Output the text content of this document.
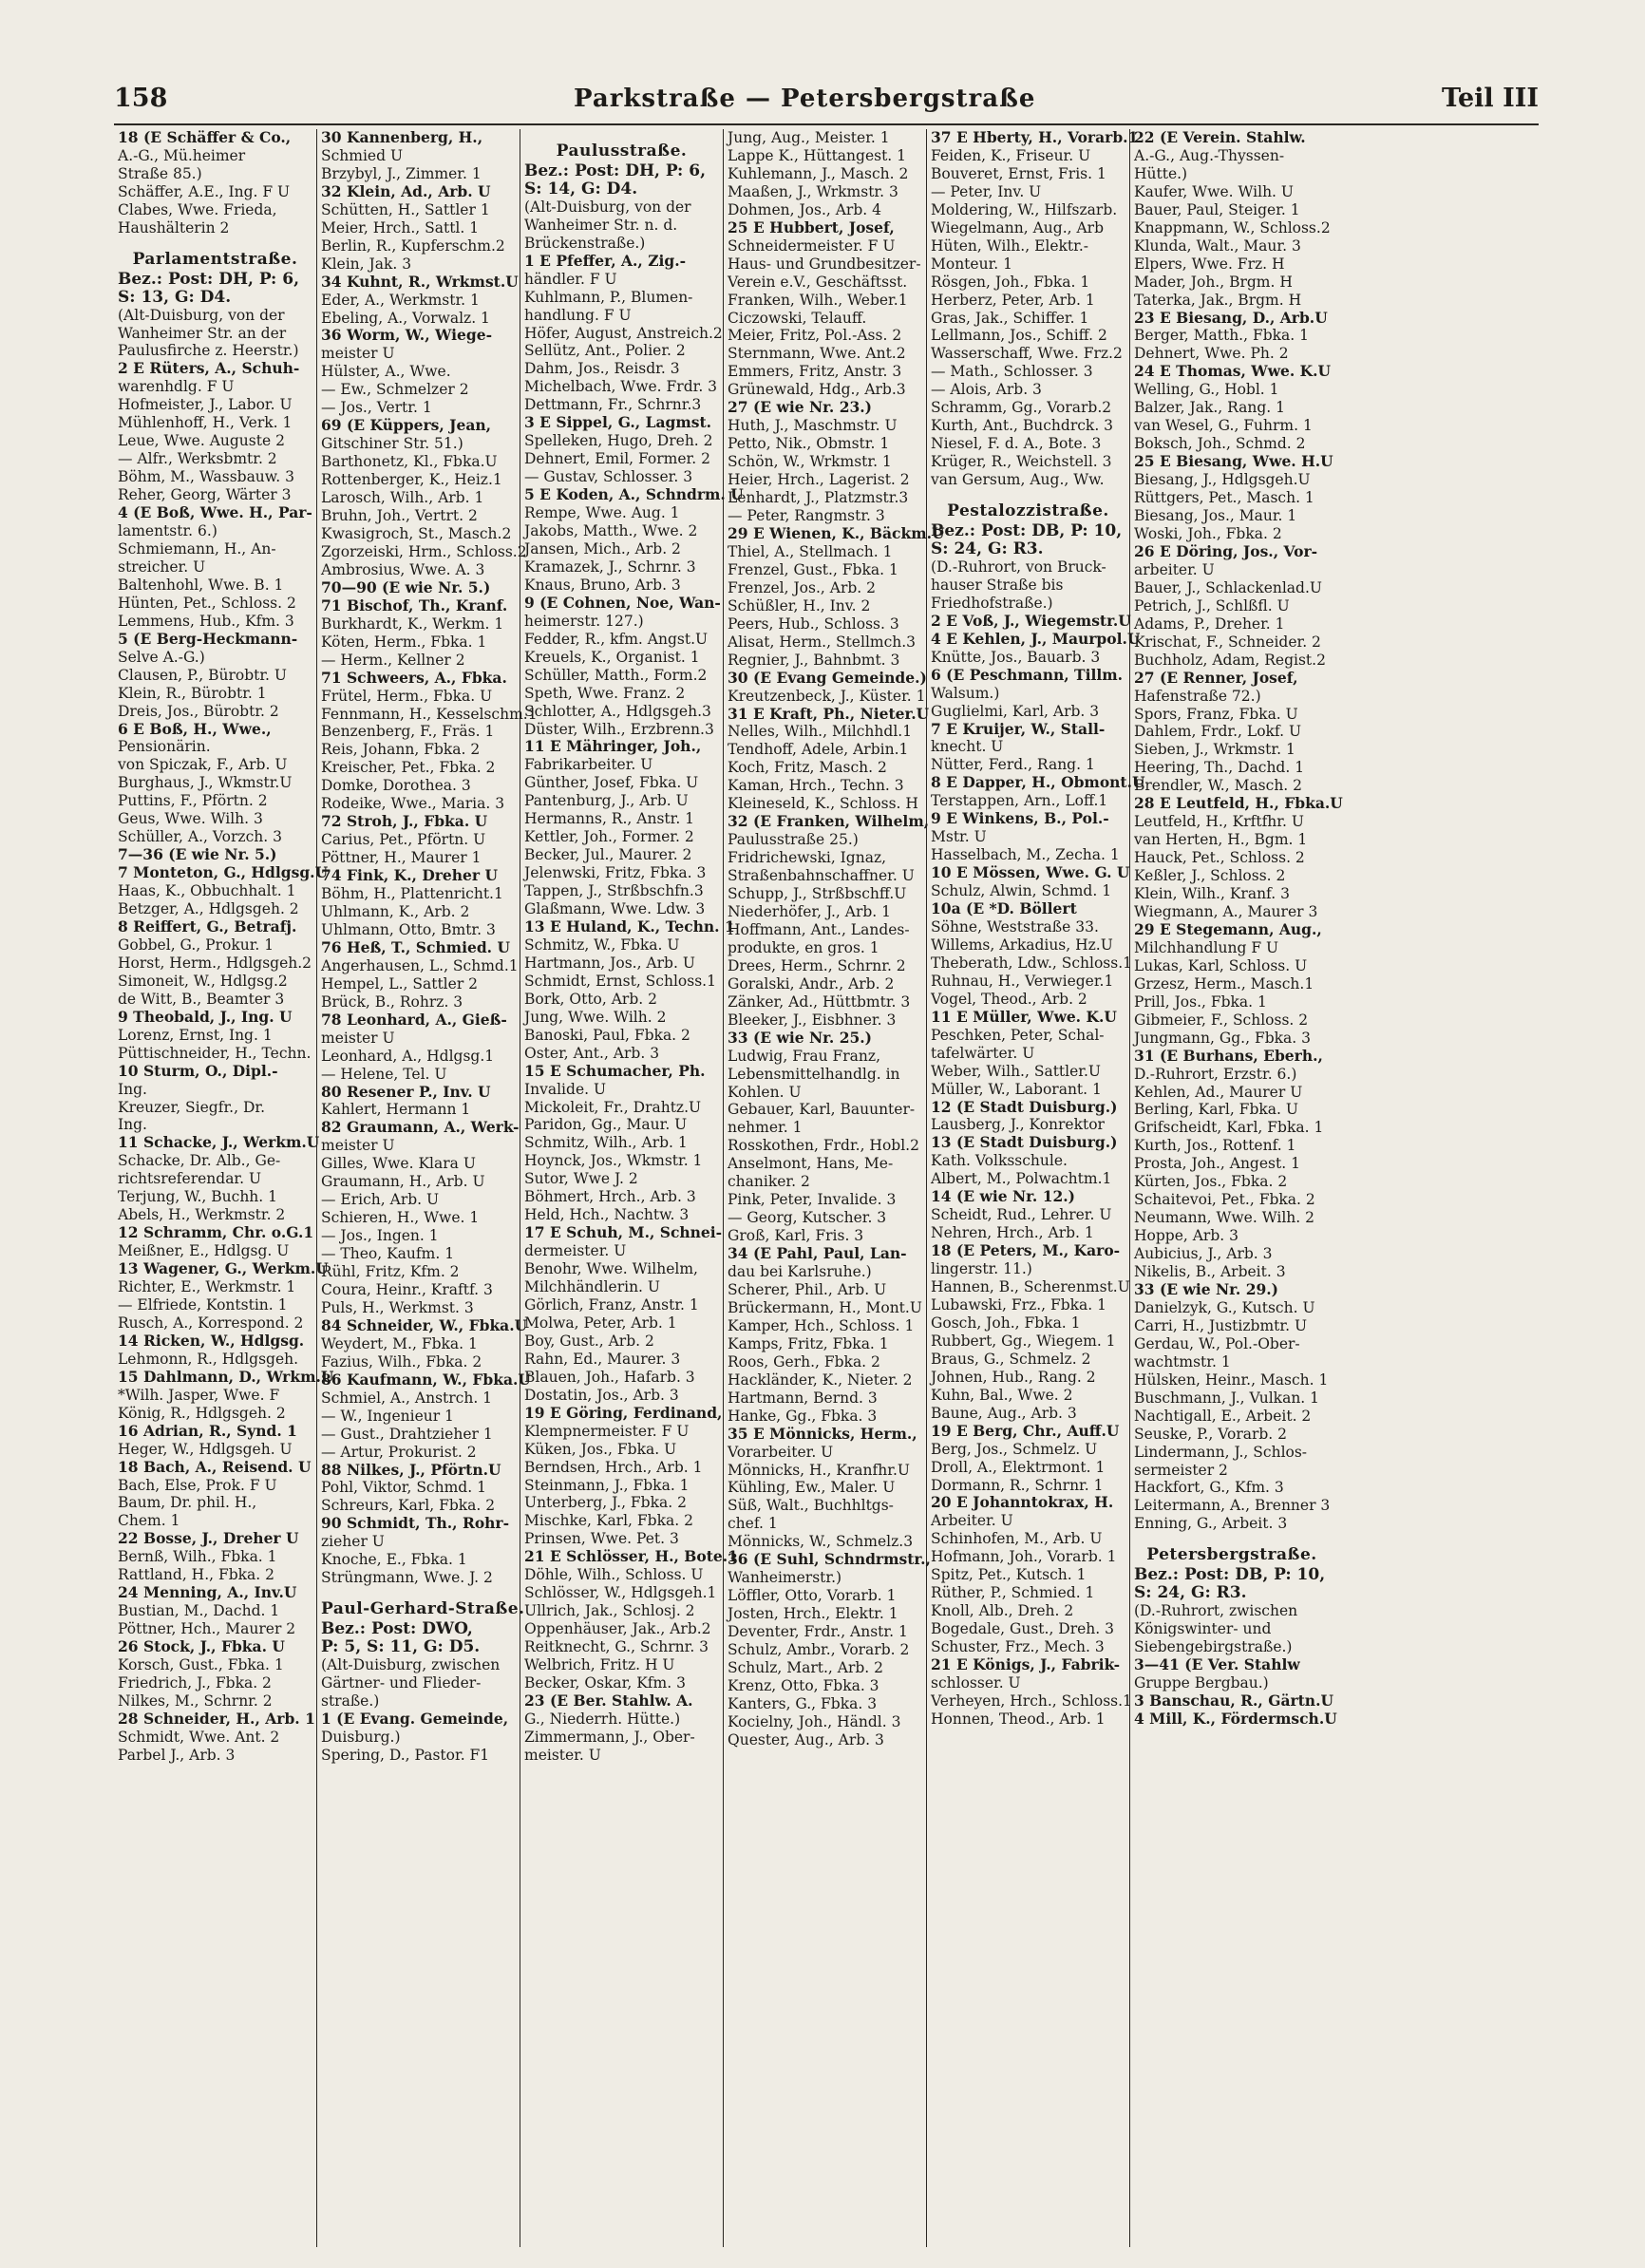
158	Parkstraße — Petersbergstraße	Teil III
18 (E Schäffer & Co.,
A.-G., Mü.heimer
Straße 85.)
Schäffer, A.E., Ing. F U
Clabes, Wwe. Frieda,
Haushälterin 2
Parlamentstraße.
Bez.: Post: DH, P: 6,
S: 13, G: D4.
(Alt-Duisburg, von der
Wanheimer Str. an der
Paulusfirche z. Heerstr.)
2 E Rüters, A., Schuh-
warenhdlg. F U
Hofmeister, J., Labor. U
Mühlenhoff, H., Verk. 1
Leue, Wwe. Auguste 2
— Alfr., Werksbmtr. 2
Böhm, M., Wassbauw. 3
Reher, Georg, Wärter 3
4 (E Boß, Wwe. H., Par-
lamentstr. 6.)
Schmiemann, H., An-
streicher. U
Baltenhohl, Wwe. B. 1
Hünten, Pet., Schloss. 2
Lemmens, Hub., Kfm. 3
5 (E Berg-Heckmann-
Selve A.-G.)
Clausen, P., Bürobtr. U
Klein, R., Bürobtr. 1
Dreis, Jos., Bürobtr. 2
6 E Boß, H., Wwe.,
Pensionärin.
von Spiczak, F., Arb. U
Burghaus, J., Wkmstr.U
Puttins, F., Pförtn. 2
Geus, Wwe. Wilh. 3
Schüller, A., Vorzch. 3
7—36 (E wie Nr. 5.)
7 Monteton, G., Hdlgsg.U
Haas, K., Obbuchhalt. 1
Betzger, A., Hdlgsgeh. 2
8 Reiffert, G., Betrafj.
Gobbel, G., Prokur. 1
Horst, Herm., Hdlgsgeh.2
Simoneit, W., Hdlgsg.2
de Witt, B., Beamter 3
9 Theobald, J., Ing. U
Lorenz, Ernst, Ing. 1
Püttischneider, H., Techn.
10 Sturm, O., Dipl.-
Ing.
Kreuzer, Siegfr., Dr.
Ing.
11 Schacke, J., Werkm.U
Schacke, Dr. Alb., Ge-
richtsreferendar. U
Terjung, W., Buchh. 1
Abels, H., Werkmstr. 2
12 Schramm, Chr. o.G.1
Meißner, E., Hdlgsg. U
13 Wagener, G., Werkm.U
Richter, E., Werkmstr. 1
— Elfriede, Kontstin. 1
Rusch, A., Korrespond. 2
14 Ricken, W., Hdlgsg.
Lehmonn, R., Hdlgsgeh.
15 Dahlmann, D., Wrkm.U
*Wilh. Jasper, Wwe. F
König, R., Hdlgsgeh. 2
16 Adrian, R., Synd. 1
Heger, W., Hdlgsgeh. U
18 Bach, A., Reisend. U
Bach, Else, Prok. F U
Baum, Dr. phil. H.,
Chem. 1
22 Bosse, J., Dreher U
Bernß, Wilh., Fbka. 1
Rattland, H., Fbka. 2
24 Menning, A., Inv.U
Bustian, M., Dachd. 1
Pöttner, Hch., Maurer 2
26 Stock, J., Fbka. U
Korsch, Gust., Fbka. 1
Friedrich, J., Fbka. 2
Nilkes, M., Schrnr. 2
28 Schneider, H., Arb. 1
Schmidt, Wwe. Ant. 2
Parbel J., Arb. 3
30 Kannenberg, H.,
Schmied U
Brzybyl, J., Zimmer. 1
32 Klein, Ad., Arb. U
Schütten, H., Sattler 1
Meier, Hrch., Sattl. 1
Berlin, R., Kupferschm.2
Klein, Jak. 3
34 Kuhnt, R., Wrkmst.U
Eder, A., Werkmstr. 1
Ebeling, A., Vorwalz. 1
36 Worm, W., Wiege-
meister U
Hülster, A., Wwe.
— Ew., Schmelzer 2
— Jos., Vertr. 1
69 (E Küppers, Jean,
Gitschiner Str. 51.)
Barthonetz, Kl., Fbka.U
Rottenberger, K., Heiz.1
Larosch, Wilh., Arb. 1
Bruhn, Joh., Vertrt. 2
Kwasigroch, St., Masch.2
Zgorzeiski, Hrm., Schloss.2
Ambrosius, Wwe. A. 3
70—90 (E wie Nr. 5.)
71 Bischof, Th., Kranf.
Burkhardt, K., Werkm. 1
Köten, Herm., Fbka. 1
— Herm., Kellner 2
71 Schweers, A., Fbka.
Frütel, Herm., Fbka. U
Fennmann, H., Kesselschm.1
Benzenberg, F., Fräs. 1
Reis, Johann, Fbka. 2
Kreischer, Pet., Fbka. 2
Domke, Dorothea. 3
Rodeike, Wwe., Maria. 3
72 Stroh, J., Fbka. U
Carius, Pet., Pförtn. U
Pöttner, H., Maurer 1
74 Fink, K., Dreher U
Böhm, H., Plattenricht.1
Uhlmann, K., Arb. 2
Uhlmann, Otto, Bmtr. 3
76 Heß, T., Schmied. U
Angerhausen, L., Schmd.1
Hempel, L., Sattler 2
Brück, B., Rohrz. 3
78 Leonhard, A., Gieß-
meister U
Leonhard, A., Hdlgsg.1
— Helene, Tel. U
80 Resener P., Inv. U
Kahlert, Hermann 1
82 Graumann, A., Werk-
meister U
Gilles, Wwe. Klara U
Graumann, H., Arb. U
— Erich, Arb. U
Schieren, H., Wwe. 1
— Jos., Ingen. 1
— Theo, Kaufm. 1
Rühl, Fritz, Kfm. 2
Coura, Heinr., Kraftf. 3
Puls, H., Werkmst. 3
84 Schneider, W., Fbka.U
Weydert, M., Fbka. 1
Fazius, Wilh., Fbka. 2
86 Kaufmann, W., Fbka.U
Schmiel, A., Anstrch. 1
— W., Ingenieur 1
— Gust., Drahtzieher 1
— Artur, Prokurist. 2
88 Nilkes, J., Pförtn.U
Pohl, Viktor, Schmd. 1
Schreurs, Karl, Fbka. 2
90 Schmidt, Th., Rohr-
zieher U
Knoche, E., Fbka. 1
Strüngmann, Wwe. J. 2
Paul-Gerhard-Straße.
Bez.: Post: DWO,
P: 5, S: 11, G: D5.
(Alt-Duisburg, zwischen
Gärtner- und Flieder-
straße.)
1 (E Evang. Gemeinde,
Duisburg.)
Spering, D., Pastor. F1
Paulusstraße.
Bez.: Post: DH, P: 6,
S: 14, G: D4.
(Alt-Duisburg, von der
Wanheimer Str. n. d.
Brückenstraße.)
1 E Pfeffer, A., Zig.-
händler. F U
Kuhlmann, P., Blumen-
handlung. F U
Höfer, August, Anstreich.2
Sellütz, Ant., Polier. 2
Dahm, Jos., Reisdr. 3
Michelbach, Wwe. Frdr. 3
Dettmann, Fr., Schrnr.3
3 E Sippel, G., Lagmst.
Spelleken, Hugo, Dreh. 2
Dehnert, Emil, Former. 2
— Gustav, Schlosser. 3
5 E Koden, A., Schndrm. U
Rempe, Wwe. Aug. 1
Jakobs, Matth., Wwe. 2
Jansen, Mich., Arb. 2
Kramazek, J., Schrnr. 3
Knaus, Bruno, Arb. 3
9 (E Cohnen, Noe, Wan-
heimerstr. 127.)
Fedder, R., kfm. Angst.U
Kreuels, K., Organist. 1
Schüller, Matth., Form.2
Speth, Wwe. Franz. 2
Schlotter, A., Hdlgsgeh.3
Düster, Wilh., Erzbrenn.3
11 E Mähringer, Joh.,
Fabrikarbeiter. U
Günther, Josef, Fbka. U
Pantenburg, J., Arb. U
Hermanns, R., Anstr. 1
Kettler, Joh., Former. 2
Becker, Jul., Maurer. 2
Jelenwski, Fritz, Fbka. 3
Tappen, J., Strßbschfn.3
Glaßmann, Wwe. Ldw. 3
13 E Huland, K., Techn. 1
Schmitz, W., Fbka. U
Hartmann, Jos., Arb. U
Schmidt, Ernst, Schloss.1
Bork, Otto, Arb. 2
Jung, Wwe. Wilh. 2
Banoski, Paul, Fbka. 2
Oster, Ant., Arb. 3
15 E Schumacher, Ph.
Invalide. U
Mickoleit, Fr., Drahtz.U
Paridon, Gg., Maur. U
Schmitz, Wilh., Arb. 1
Hoynck, Jos., Wkmstr. 1
Sutor, Wwe J. 2
Böhmert, Hrch., Arb. 3
Held, Hch., Nachtw. 3
17 E Schuh, M., Schnei-
dermeister. U
Benohr, Wwe. Wilhelm,
Milchhändlerin. U
Görlich, Franz, Anstr. 1
Molwa, Peter, Arb. 1
Boy, Gust., Arb. 2
Rahn, Ed., Maurer. 3
Blauen, Joh., Hafarb. 3
Dostatin, Jos., Arb. 3
19 E Göring, Ferdinand,
Klempnermeister. F U
Küken, Jos., Fbka. U
Berndsen, Hrch., Arb. 1
Steinmann, J., Fbka. 1
Unterberg, J., Fbka. 2
Mischke, Karl, Fbka. 2
Prinsen, Wwe. Pet. 3
21 E Schlösser, H., Bote.1
Döhle, Wilh., Schloss. U
Schlösser, W., Hdlgsgeh.1
Ullrich, Jak., Schlosj. 2
Oppenhäuser, Jak., Arb.2
Reitknecht, G., Schrnr. 3
Welbrich, Fritz. H U
Becker, Oskar, Kfm. 3
23 (E Ber. Stahlw. A.
G., Niederrh. Hütte.)
Zimmermann, J., Ober-
meister. U
Jung, Aug., Meister. 1
Lappe K., Hüttangest. 1
Kuhlemann, J., Masch. 2
Maaßen, J., Wrkmstr. 3
Dohmen, Jos., Arb. 4
25 E Hubbert, Josef,
Schneidermeister. F U
Haus- und Grundbesitzer-
Verein e.V., Geschäftsst.
Franken, Wilh., Weber.1
Ciczowski, Telauff.
Meier, Fritz, Pol.-Ass. 2
Sternmann, Wwe. Ant.2
Emmers, Fritz, Anstr. 3
Grünewald, Hdg., Arb.3
27 (E wie Nr. 23.)
Huth, J., Maschmstr. U
Petto, Nik., Obmstr. 1
Schön, W., Wrkmstr. 1
Heier, Hrch., Lagerist. 2
Lenhardt, J., Platzmstr.3
— Peter, Rangmstr. 3
29 E Wienen, K., Bäckm.U
Thiel, A., Stellmach. 1
Frenzel, Gust., Fbka. 1
Frenzel, Jos., Arb. 2
Schüßler, H., Inv. 2
Peers, Hub., Schloss. 3
Alisat, Herm., Stellmch.3
Regnier, J., Bahnbmt. 3
30 (E Evang Gemeinde.)
Kreutzenbeck, J., Küster. 1
31 E Kraft, Ph., Nieter.U
Nelles, Wilh., Milchhdl.1
Tendhoff, Adele, Arbin.1
Koch, Fritz, Masch. 2
Kaman, Hrch., Techn. 3
Kleineseld, K., Schloss. H
32 (E Franken, Wilhelm,
Paulusstraße 25.)
Fridrichewski, Ignaz,
Straßenbahnschaffner. U
Schupp, J., Strßbschff.U
Niederhöfer, J., Arb. 1
Hoffmann, Ant., Landes-
produkte, en gros. 1
Drees, Herm., Schrnr. 2
Goralski, Andr., Arb. 2
Zänker, Ad., Hüttbmtr. 3
Bleeker, J., Eisbhner. 3
33 (E wie Nr. 25.)
Ludwig, Frau Franz,
Lebensmittelhandlg. in
Kohlen. U
Gebauer, Karl, Bauunter-
nehmer. 1
Rosskothen, Frdr., Hobl.2
Anselmont, Hans, Me-
chaniker. 2
Pink, Peter, Invalide. 3
— Georg, Kutscher. 3
Groß, Karl, Fris. 3
34 (E Pahl, Paul, Lan-
dau bei Karlsruhe.)
Scherer, Phil., Arb. U
Brückermann, H., Mont.U
Kamper, Hch., Schloss. 1
Kamps, Fritz, Fbka. 1
Roos, Gerh., Fbka. 2
Hackländer, K., Nieter. 2
Hartmann, Bernd. 3
Hanke, Gg., Fbka. 3
35 E Mönnicks, Herm.,
Vorarbeiter. U
Mönnicks, H., Kranfhr.U
Kühling, Ew., Maler. U
Süß, Walt., Buchhltgs-
chef. 1
Mönnicks, W., Schmelz.3
36 (E Suhl, Schndrmstr.,
Wanheimerstr.)
Löffler, Otto, Vorarb. 1
Josten, Hrch., Elektr. 1
Deventer, Frdr., Anstr. 1
Schulz, Ambr., Vorarb. 2
Schulz, Mart., Arb. 2
Krenz, Otto, Fbka. 3
Kanters, G., Fbka. 3
Kocielny, Joh., Händl. 3
Quester, Aug., Arb. 3
37 E Hberty, H., Vorarb.1
Feiden, K., Friseur. U
Bouveret, Ernst, Fris. 1
— Peter, Inv. U
Moldering, W., Hilfszarb.
Wiegelmann, Aug., Arb
Hüten, Wilh., Elektr.-
Monteur. 1
Rösgen, Joh., Fbka. 1
Herberz, Peter, Arb. 1
Gras, Jak., Schiffer. 1
Lellmann, Jos., Schiff. 2
Wasserschaff, Wwe. Frz.2
— Math., Schlosser. 3
— Alois, Arb. 3
Schramm, Gg., Vorarb.2
Kurth, Ant., Buchdrck. 3
Niesel, F. d. A., Bote. 3
Krüger, R., Weichstell. 3
van Gersum, Aug., Ww.
Pestalozzistraße.
Bez.: Post: DB, P: 10,
S: 24, G: R3.
(D.-Ruhrort, von Bruck-
hauser Straße bis
Friedhofstraße.)
2 E Voß, J., Wiegemstr.U
4 E Kehlen, J., Maurpol.U
Knütte, Jos., Bauarb. 3
6 (E Peschmann, Tillm.
Walsum.)
Guglielmi, Karl, Arb. 3
7 E Kruijer, W., Stall-
knecht. U
Nütter, Ferd., Rang. 1
8 E Dapper, H., Obmont.U
Terstappen, Arn., Loff.1
9 E Winkens, B., Pol.-
Mstr. U
Hasselbach, M., Zecha. 1
10 E Mössen, Wwe. G. U
Schulz, Alwin, Schmd. 1
10a (E *D. Böllert
Söhne, Weststraße 33.
Willems, Arkadius, Hz.U
Theberath, Ldw., Schloss.1
Ruhnau, H., Verwieger.1
Vogel, Theod., Arb. 2
11 E Müller, Wwe. K.U
Peschken, Peter, Schal-
tafelwärter. U
Weber, Wilh., Sattler.U
Müller, W., Laborant. 1
12 (E Stadt Duisburg.)
Lausberg, J., Konrektor
13 (E Stadt Duisburg.)
Kath. Volksschule.
Albert, M., Polwachtm.1
14 (E wie Nr. 12.)
Scheidt, Rud., Lehrer. U
Nehren, Hrch., Arb. 1
18 (E Peters, M., Karo-
lingerstr. 11.)
Hannen, B., Scherenmst.U
Lubawski, Frz., Fbka. 1
Gosch, Joh., Fbka. 1
Rubbert, Gg., Wiegem. 1
Braus, G., Schmelz. 2
Johnen, Hub., Rang. 2
Kuhn, Bal., Wwe. 2
Baune, Aug., Arb. 3
19 E Berg, Chr., Auff.U
Berg, Jos., Schmelz. U
Droll, A., Elektrmont. 1
Dormann, R., Schrnr. 1
20 E Johanntokrax, H.
Arbeiter. U
Schinhofen, M., Arb. U
Hofmann, Joh., Vorarb. 1
Spitz, Pet., Kutsch. 1
Rüther, P., Schmied. 1
Knoll, Alb., Dreh. 2
Bogedale, Gust., Dreh. 3
Schuster, Frz., Mech. 3
21 E Königs, J., Fabrik-
schlosser. U
Verheyen, Hrch., Schloss.1
Honnen, Theod., Arb. 1
22 (E Verein. Stahlw.
A.-G., Aug.-Thyssen-
Hütte.)
Kaufer, Wwe. Wilh. U
Bauer, Paul, Steiger. 1
Knappmann, W., Schloss.2
Klunda, Walt., Maur. 3
Elpers, Wwe. Frz. H
Mader, Joh., Brgm. H
Taterka, Jak., Brgm. H
23 E Biesang, D., Arb.U
Berger, Matth., Fbka. 1
Dehnert, Wwe. Ph. 2
24 E Thomas, Wwe. K.U
Welling, G., Hobl. 1
Balzer, Jak., Rang. 1
van Wesel, G., Fuhrm. 1
Boksch, Joh., Schmd. 2
25 E Biesang, Wwe. H.U
Biesang, J., Hdlgsgeh.U
Rüttgers, Pet., Masch. 1
Biesang, Jos., Maur. 1
Woski, Joh., Fbka. 2
26 E Döring, Jos., Vor-
arbeiter. U
Bauer, J., Schlackenlad.U
Petrich, J., Schlßfl. U
Adams, P., Dreher. 1
Krischat, F., Schneider. 2
Buchholz, Adam, Regist.2
27 (E Renner, Josef,
Hafenstraße 72.)
Spors, Franz, Fbka. U
Dahlem, Frdr., Lokf. U
Sieben, J., Wrkmstr. 1
Heering, Th., Dachd. 1
Brendler, W., Masch. 2
28 E Leutfeld, H., Fbka.U
Leutfeld, H., Krftfhr. U
van Herten, H., Bgm. 1
Hauck, Pet., Schloss. 2
Keßler, J., Schloss. 2
Klein, Wilh., Kranf. 3
Wiegmann, A., Maurer 3
29 E Stegemann, Aug.,
Milchhandlung F U
Lukas, Karl, Schloss. U
Grzesz, Herm., Masch.1
Prill, Jos., Fbka. 1
Gibmeier, F., Schloss. 2
Jungmann, Gg., Fbka. 3
31 (E Burhans, Eberh.,
D.-Ruhrort, Erzstr. 6.)
Kehlen, Ad., Maurer U
Berling, Karl, Fbka. U
Grifscheidt, Karl, Fbka. 1
Kurth, Jos., Rottenf. 1
Prosta, Joh., Angest. 1
Kürten, Jos., Fbka. 2
Schaitevoi, Pet., Fbka. 2
Neumann, Wwe. Wilh. 2
Hoppe, Arb. 3
Aubicius, J., Arb. 3
Nikelis, B., Arbeit. 3
33 (E wie Nr. 29.)
Danielzyk, G., Kutsch. U
Carri, H., Justizbmtr. U
Gerdau, W., Pol.-Ober-
wachtmstr. 1
Hülsken, Heinr., Masch. 1
Buschmann, J., Vulkan. 1
Nachtigall, E., Arbeit. 2
Seuske, P., Vorarb. 2
Lindermann, J., Schlos-
sermeister 2
Hackfort, G., Kfm. 3
Leitermann, A., Brenner 3
Enning, G., Arbeit. 3
Petersbergstraße.
Bez.: Post: DB, P: 10,
S: 24, G: R3.
(D.-Ruhrort, zwischen
Königswinter- und
Siebengebirgstraße.)
3—41 (E Ver. Stahlw
Gruppe Bergbau.)
3 Banschau, R., Gärtn.U
4 Mill, K., Fördermsch.U
